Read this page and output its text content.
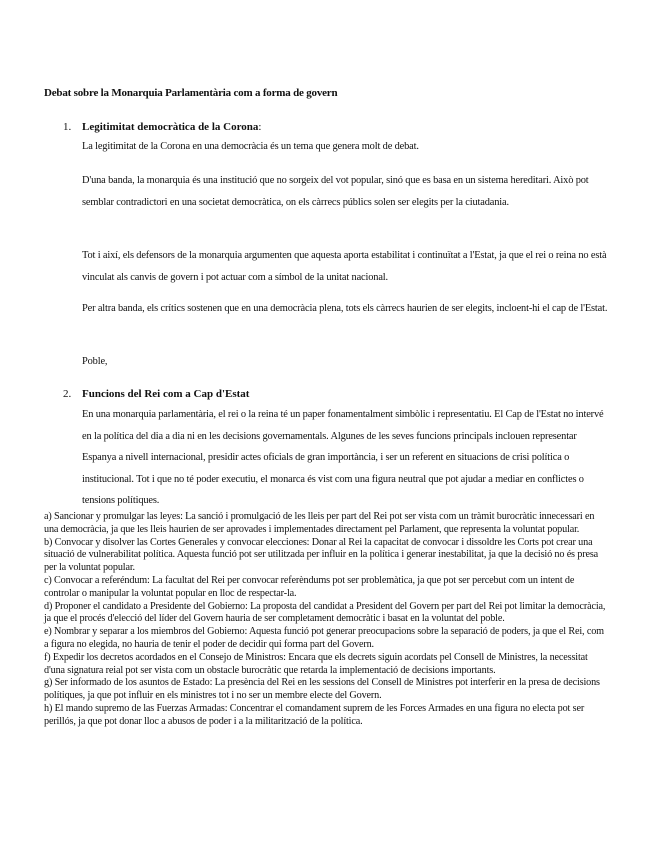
Debat sobre la Monarquia Parlamentària com a forma de govern
1. Legitimitat democràtica de la Corona:

La legitimitat de la Corona en una democràcia és un tema que genera molt de debat.

D'una banda, la monarquia és una institució que no sorgeix del vot popular, sinó que es basa en un sistema hereditari. Això pot semblar contradictori en una societat democràtica, on els càrrecs públics solen ser elegits per la ciutadania.

Tot i així, els defensors de la monarquia argumenten que aquesta aporta estabilitat i continuïtat a l'Estat, ja que el rei o reina no està vinculat als canvis de govern i pot actuar com a símbol de la unitat nacional.

Per altra banda, els crítics sostenen que en una democràcia plena, tots els càrrecs haurien de ser elegits, incloent-hi el cap de l'Estat.

Poble,

2. Funcions del Rei com a Cap d'Estat

En una monarquia parlamentària, el rei o la reina té un paper fonamentalment simbòlic i representatiu. El Cap de l'Estat no intervé en la política del dia a dia ni en les decisions governamentals. Algunes de les seves funcions principals inclouen representar Espanya a nivell internacional, presidir actes oficials de gran importància, i ser un referent en situacions de crisi política o institucional. Tot i que no té poder executiu, el monarca és vist com una figura neutral que pot ajudar a mediar en conflictes o tensions polítiques.

a) Sancionar y promulgar las leyes: La sanció i promulgació de les lleis per part del Rei pot ser vista com un tràmit burocràtic innecessari en una democràcia, ja que les lleis haurien de ser aprovades i implementades directament pel Parlament, que representa la voluntat popular.
b) Convocar y disolver las Cortes Generales y convocar elecciones: Donar al Rei la capacitat de convocar i dissoldre les Corts pot crear una situació de vulnerabilitat política. Aquesta funció pot ser utilitzada per influir en la política i generar inestabilitat, ja que la decisió no és presa per la voluntat popular.
c) Convocar a referéndum: La facultat del Rei per convocar referèndums pot ser problemàtica, ja que pot ser percebut com un intent de controlar o manipular la voluntat popular en lloc de respectar-la.
d) Proponer el candidato a Presidente del Gobierno: La proposta del candidat a President del Govern per part del Rei pot limitar la democràcia, ja que el procés d'elecció del líder del Govern hauria de ser completament democràtic i basat en la voluntat del poble.
e) Nombrar y separar a los miembros del Gobierno: Aquesta funció pot generar preocupacions sobre la separació de poders, ja que el Rei, com a figura no elegida, no hauria de tenir el poder de decidir qui forma part del Govern.
f) Expedir los decretos acordados en el Consejo de Ministros: Encara que els decrets siguin acordats pel Consell de Ministres, la necessitat d'una signatura reial pot ser vista com un obstacle burocràtic que retarda la implementació de decisions importants.
g) Ser informado de los asuntos de Estado: La presència del Rei en les sessions del Consell de Ministres pot interferir en la presa de decisions polítiques, ja que pot influir en els ministres tot i no ser un membre electe del Govern.
h) El mando supremo de las Fuerzas Armadas: Concentrar el comandament suprem de les Forces Armades en una figura no electa pot ser perillós, ja que pot donar lloc a abusos de poder i a la militarització de la política.
